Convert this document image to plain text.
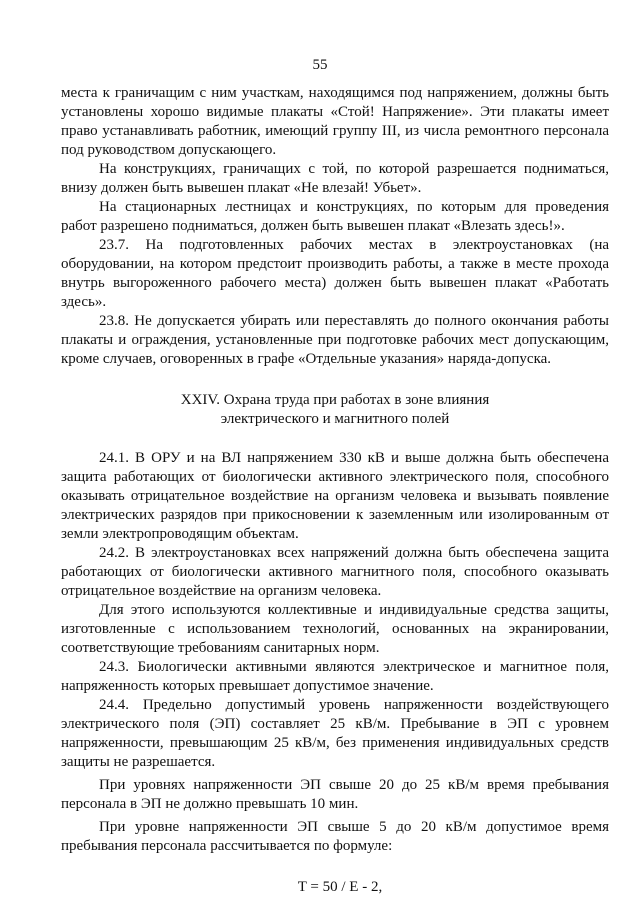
55

места к граничащим с ним участкам, находящимся под напряжением, должны быть установлены хорошо видимые плакаты «Стой! Напряжение». Эти плакаты имеет право устанавливать работник, имеющий группу III, из числа ремонтного персонала под руководством допускающего.

На конструкциях, граничащих с той, по которой разрешается подниматься, внизу должен быть вывешен плакат «Не влезай! Убьет».

На стационарных лестницах и конструкциях, по которым для проведения работ разрешено подниматься, должен быть вывешен плакат «Влезать здесь!».

23.7. На подготовленных рабочих местах в электроустановках (на оборудовании, на котором предстоит производить работы, а также в месте прохода внутрь выгороженного рабочего места) должен быть вывешен плакат «Работать здесь».

23.8. Не допускается убирать или переставлять до полного окончания работы плакаты и ограждения, установленные при подготовке рабочих мест допускающим, кроме случаев, оговоренных в графе «Отдельные указания» наряда-допуска.

XXIV. Охрана труда при работах в зоне влияния
электрического и магнитного полей

24.1. В ОРУ и на ВЛ напряжением 330 кВ и выше должна быть обеспечена защита работающих от биологически активного электрического поля, способного оказывать отрицательное воздействие на организм человека и вызывать появление электрических разрядов при прикосновении к заземленным или изолированным от земли электропроводящим объектам.

24.2. В электроустановках всех напряжений должна быть обеспечена защита работающих от биологически активного магнитного поля, способного оказывать отрицательное воздействие на организм человека.

Для этого используются коллективные и индивидуальные средства защиты, изготовленные с использованием технологий, основанных на экранировании, соответствующие требованиям санитарных норм.

24.3. Биологически активными являются электрическое и магнитное поля, напряженность которых превышает допустимое значение.

24.4. Предельно допустимый уровень напряженности воздействующего электрического поля (ЭП) составляет 25 кВ/м. Пребывание в ЭП с уровнем напряженности, превышающим 25 кВ/м, без применения индивидуальных средств защиты не разрешается.

При уровнях напряженности ЭП свыше 20 до 25 кВ/м время пребывания персонала в ЭП не должно превышать 10 мин.

При уровне напряженности ЭП свыше 5 до 20 кВ/м допустимое время пребывания персонала рассчитывается по формуле:

T = 50 / E - 2,
